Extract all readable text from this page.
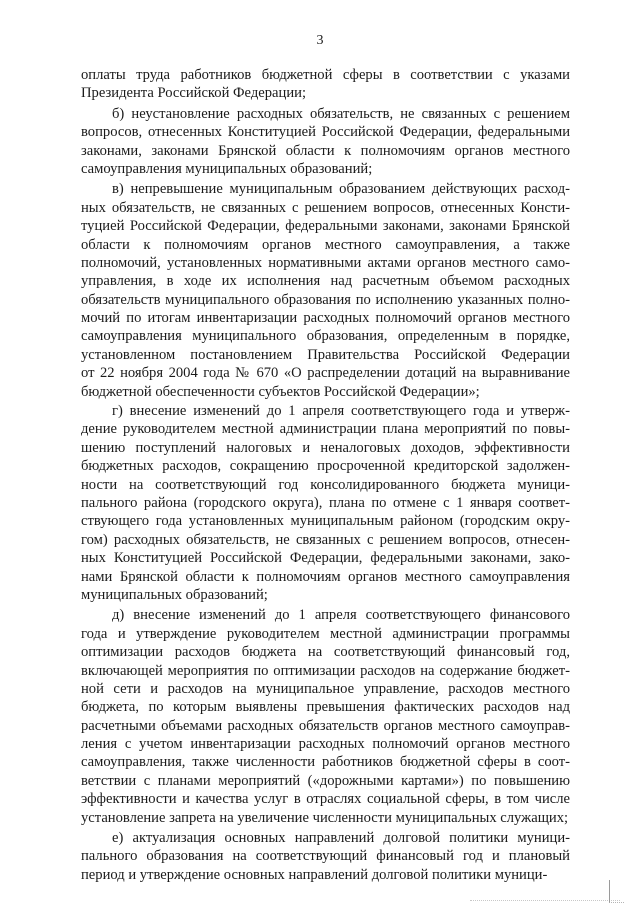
3
оплаты труда работников бюджетной сферы в соответствии с указами
Президента Российской Федерации;
б) неустановление расходных обязательств, не связанных с решением
вопросов, отнесенных Конституцией Российской Федерации, федеральными
законами, законами Брянской области к полномочиям органов местного
самоуправления муниципальных образований;
в) непревышение муниципальным образованием действующих расход-
ных обязательств, не связанных с решением вопросов, отнесенных Консти-
туцией Российской Федерации, федеральными законами, законами Брянской
области к полномочиям органов местного самоуправления, а также
полномочий, установленных нормативными актами органов местного само-
управления, в ходе их исполнения над расчетным объемом расходных
обязательств муниципального образования по исполнению указанных полно-
мочий по итогам инвентаризации расходных полномочий органов местного
самоуправления муниципального образования, определенным в порядке,
установленном постановлением Правительства Российской Федерации
от 22 ноября 2004 года № 670 «О распределении дотаций на выравнивание
бюджетной обеспеченности субъектов Российской Федерации»;
г) внесение изменений до 1 апреля соответствующего года и утверж-
дение руководителем местной администрации плана мероприятий по повы-
шению поступлений налоговых и неналоговых доходов, эффективности
бюджетных расходов, сокращению просроченной кредиторской задолжен-
ности на соответствующий год консолидированного бюджета муници-
пального района (городского округа), плана по отмене с 1 января соответ-
ствующего года установленных муниципальным районом (городским окру-
гом) расходных обязательств, не связанных с решением вопросов, отнесен-
ных Конституцией Российской Федерации, федеральными законами, зако-
нами Брянской области к полномочиям органов местного самоуправления
муниципальных образований;
д) внесение изменений до 1 апреля соответствующего финансового
года и утверждение руководителем местной администрации программы
оптимизации расходов бюджета на соответствующий финансовый год,
включающей мероприятия по оптимизации расходов на содержание бюджет-
ной сети и расходов на муниципальное управление, расходов местного
бюджета, по которым выявлены превышения фактических расходов над
расчетными объемами расходных обязательств органов местного самоуправ-
ления с учетом инвентаризации расходных полномочий органов местного
самоуправления, также численности работников бюджетной сферы в соот-
ветствии с планами мероприятий («дорожными картами») по повышению
эффективности и качества услуг в отраслях социальной сферы, в том числе
установление запрета на увеличение численности муниципальных служащих;
е) актуализация основных направлений долговой политики муници-
пального образования на соответствующий финансовый год и плановый
период и утверждение основных направлений долговой политики муници-
